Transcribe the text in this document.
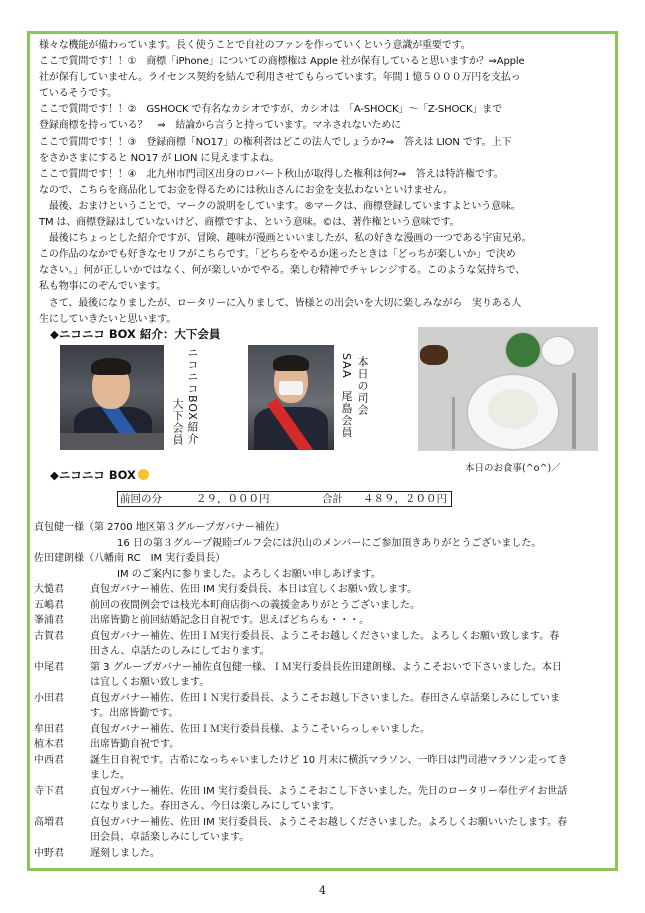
様々な機能が備わっています。長く使うことで自社のファンを作っていくという意識が重要です。

ここで質問です！！①　商標「iPhone」についての商標権は Apple 社が保有していると思いますか？⇒Apple

社が保有していません。ライセンス契約を結んで利用させてもらっています。年間１憶５０００万円を支払っ

ているそうです。

ここで質問です！！②　GSHOCK で有名なカシオですが、カシオは　「A-SHOCK」～「Z-SHOCK」まで

登録商標を持っている？　⇒　結論から言うと持っています。マネされないために

ここで質問です！！③　登録商標「NO17」の権利者はどこの法人でしょうか?⇒　答えは LION です。上下

をさかさまにすると NO17 が LION に見えますよね。

ここで質問です！！④　北九州市門司区出身のロバート秋山が取得した権利は何?⇒　答えは特許権です。

なので、こちらを商品化してお金を得るためには秋山さんにお金を支払わないといけません。

　最後、おまけということで、マークの説明をしています。®マークは、商標登録していますよという意味。

TM は、商標登録はしていないけど、商標ですよ、という意味。©は、著作権という意味です。

　最後にちょっとした紹介ですが、冒険、趣味が漫画といいましたが、私の好きな漫画の一つである宇宙兄弟。

この作品のなかでも好きなセリフがこちらです。「どちらをやるか迷ったときは「どっちが楽しいか」で決め

なさい。」何が正しいかではなく、何が楽しいかでやる。楽しむ精神でチャレンジする。このような気持ちで、

私も物事にのぞんでいます。

　さて、最後になりましたが、ロータリーに入りまして、皆様との出会いを大切に楽しみながら　実りある人

生にしていきたいと思います。

◆ニコニコ BOX 紹介：大下会員
ニコニコBOX紹介
大下会員
本日の司会
SAA　尾島会員
本日のお食事(^o^)／
◆ニコニコ BOX
前回の分	２９，０００円	合計 ４８９，２００円
貞包健一様（第 2700 地区第３グループガバナー補佐）
16 日の第３グループ親睦ゴルフ会には沢山のメンバーにご参加頂きありがとうございました。
佐田建朗様（八幡南 RC　IM 実行委員長）
IM のご案内に参りました。よろしくお願い申しあげます。
大慥君	貞包ガバナー補佐、佐田 IM 実行委員長、本日は宜しくお願い致します。
五嶋君	前回の夜間例会では枝光本町商店街への義援金ありがとうございました。
峯浦君	出席皆勤と前回結婚記念日自祝です。思えばどちらも・・・。
古賀君	貞包ガバナー補佐、佐田ＩＭ実行委員長、ようこそお越しくださいました。よろしくお願い致します。春
田さん、卓話たのしみにしております。
中尾君	第 3 グループガバナー補佐貞包健一様、ＩＭ実行委員長佐田建朗様、ようこそおいで下さいました。本日
は宜しくお願い致します。
小田君	貞包ガバナー補佐、佐田ＩＮ実行委員長、ようこそお越し下さいました。春田さん卓話楽しみにしていま
す。出席皆勤です。
牟田君	貞包ガバナー補佐、佐田ＩＭ実行委員長様、ようこそいらっしゃいました。
植木君	出席皆勤自祝です。
中西君	誕生日自祝です。古希になっちゃいましたけど 10 月末に横浜マラソン、一昨日は門司港マラソン走ってき
ました。
寺下君	貞包ガバナー補佐、佐田 IM 実行委員長、ようこそおこし下さいました。先日のロータリー奉仕デイお世話
になりました。春田さん、今日は楽しみにしています。
高増君	貞包ガバナー補佐、佐田 IM 実行委員長、ようこそお越しくださいました。よろしくお願いいたします。春
田会員、卓話楽しみにしています。
中野君	遅刻しました。
4
